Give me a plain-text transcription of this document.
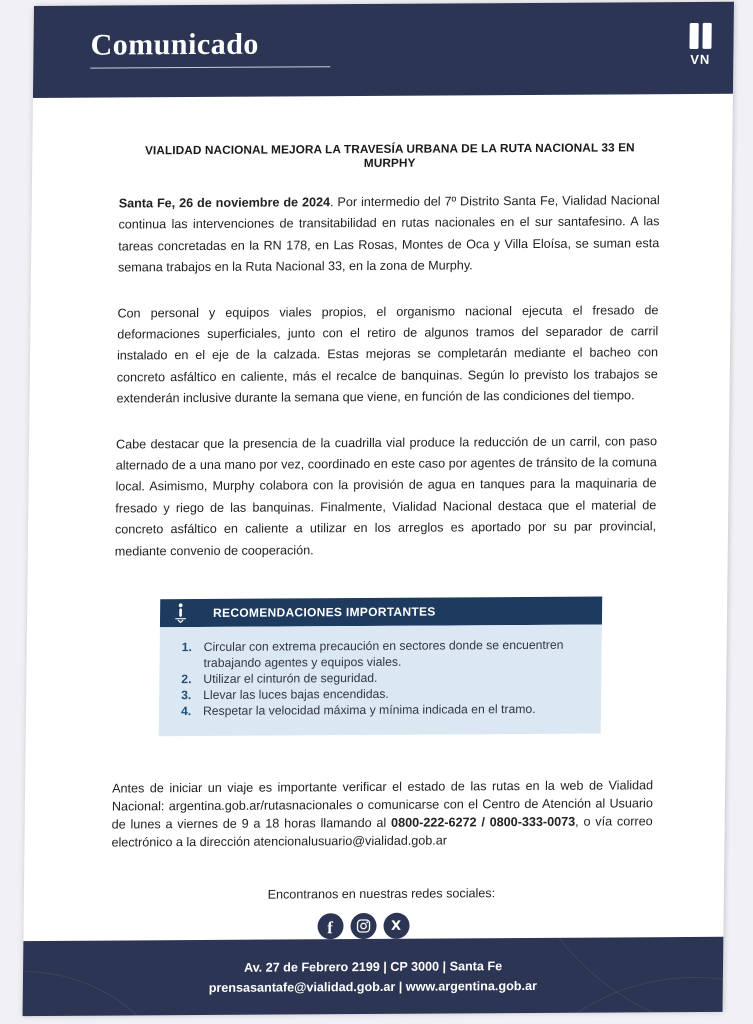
Comunicado	VN
VIALIDAD NACIONAL MEJORA LA TRAVESÍA URBANA DE LA RUTA NACIONAL 33 EN MURPHY

Santa Fe, 26 de noviembre de 2024. Por intermedio del 7º Distrito Santa Fe, Vialidad Nacional continua las intervenciones de transitabilidad en rutas nacionales en el sur santafesino. A las tareas concretadas en la RN 178, en Las Rosas, Montes de Oca y Villa Eloísa, se suman esta semana trabajos en la Ruta Nacional 33, en la zona de Murphy.

Con personal y equipos viales propios, el organismo nacional ejecuta el fresado de deformaciones superficiales, junto con el retiro de algunos tramos del separador de carril instalado en el eje de la calzada. Estas mejoras se completarán mediante el bacheo con concreto asfáltico en caliente, más el recalce de banquinas. Según lo previsto los trabajos se extenderán inclusive durante la semana que viene, en función de las condiciones del tiempo.

Cabe destacar que la presencia de la cuadrilla vial produce la reducción de un carril, con paso alternado de a una mano por vez, coordinado en este caso por agentes de tránsito de la comuna local. Asimismo, Murphy colabora con la provisión de agua en tanques para la maquinaria de fresado y riego de las banquinas. Finalmente, Vialidad Nacional destaca que el material de concreto asfáltico en caliente a utilizar en los arreglos es aportado por su par provincial, mediante convenio de cooperación.

RECOMENDACIONES IMPORTANTES
1. Circular con extrema precaución en sectores donde se encuentren trabajando agentes y equipos viales.
2. Utilizar el cinturón de seguridad.
3. Llevar las luces bajas encendidas.
4. Respetar la velocidad máxima y mínima indicada en el tramo.

Antes de iniciar un viaje es importante verificar el estado de las rutas en la web de Vialidad Nacional: argentina.gob.ar/rutasnacionales o comunicarse con el Centro de Atención al Usuario de lunes a viernes de 9 a 18 horas llamando al 0800-222-6272 / 0800-333-0073, o vía correo electrónico a la dirección atencionalusuario@vialidad.gob.ar

Encontranos en nuestras redes sociales:
f	X
Av. 27 de Febrero 2199 | CP 3000 | Santa Fe
prensasantafe@vialidad.gob.ar | www.argentina.gob.ar
